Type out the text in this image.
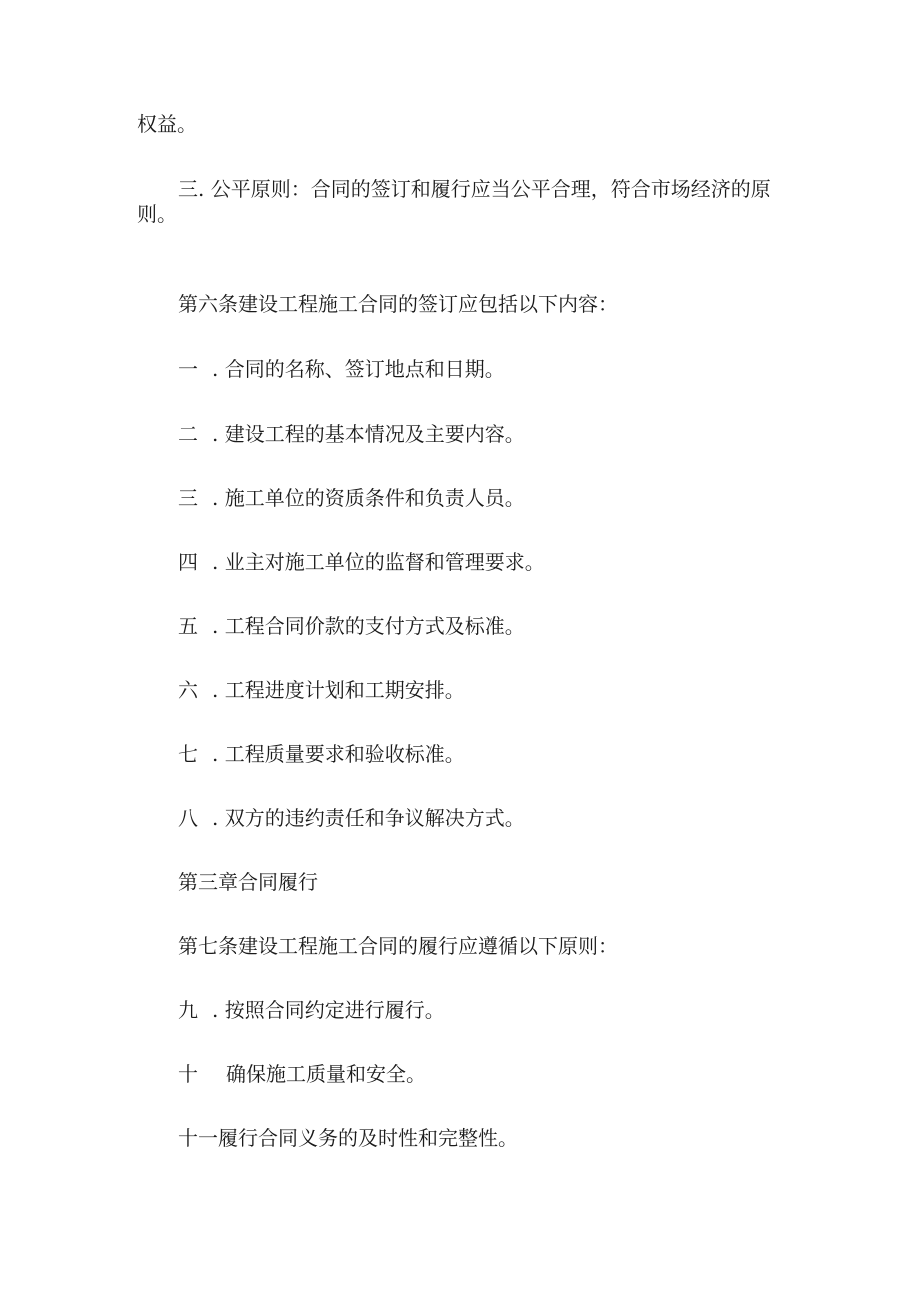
权益。
三. 公平原则：合同的签订和履行应当公平合理，符合市场经济的原
则。
第六条建设工程施工合同的签订应包括以下内容：
一 . 合同的名称、签订地点和日期。
二 . 建设工程的基本情况及主要内容。
三 . 施工单位的资质条件和负责人员。
四 . 业主对施工单位的监督和管理要求。
五 . 工程合同价款的支付方式及标准。
六 . 工程进度计划和工期安排。
七 . 工程质量要求和验收标准。
八 . 双方的违约责任和争议解决方式。
第三章合同履行
第七条建设工程施工合同的履行应遵循以下原则：
九 . 按照合同约定进行履行。
十 确保施工质量和安全。
十一履行合同义务的及时性和完整性。
